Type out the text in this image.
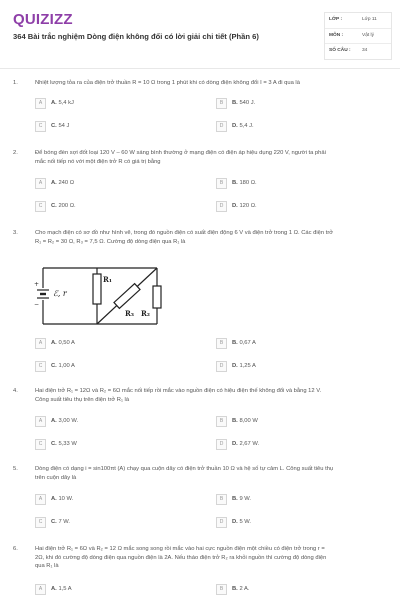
QUIZIZZ
364 Bài trắc nghiệm Dòng điện không đổi có lời giải chi tiết (Phần 6)
LỚP :	Lớp 11
MÔN :	Vật lý
SỐ CÂU : 34
1.	Nhiệt lượng tỏa ra của điện trở thuần R = 10 Ω trong 1 phút khi có dòng điện không đổi I = 3 A đi qua là
A	A. 5,4 kJ	B	B. 540 J.
C	C. 54 J	D	D. 5,4 J.
2.	Để bóng đèn sợi đốt loại 120 V – 60 W sáng bình thường ở mạng điện có điện áp hiệu dụng 220 V, người ta phải
mắc nối tiếp nó với một điện trở R có giá trị bằng
A	A. 240 Ω	B	B. 180 Ω.
C	C. 200 Ω.	D	D. 120 Ω.
3.	Cho mạch điện có sơ đồ như hình vẽ, trong đó nguồn điện có suất điện động 6 V và điện trở trong 1 Ω. Các điện trở
R₁ = R₂ = 30 Ω, R₃ = 7,5 Ω. Cường độ dòng điện qua R₁ là
+
−
ℰ, r
R₁
R₂
R₃
A	A. 0,50 A	B	B. 0,67 A
C	C. 1,00 A	D	D. 1,25 A
4.	Hai điện trở R₁ = 12Ω và R₂ = 6Ω mắc nối tiếp rồi mắc vào nguồn điện có hiệu điện thế không đổi và bằng 12 V.
Công suất tiêu thụ trên điện trở R₁ là
A	A. 3,00 W.	B	B. 8,00 W
C	C. 5,33 W	D	D. 2,67 W.
5.	Dòng điện có dạng i = sin100πt (A) chạy qua cuộn dây có điện trở thuần 10 Ω và hệ số tự cảm L. Công suất tiêu thụ
trên cuộn dây là
A	A. 10 W.	B	B. 9 W.
C	C. 7 W.	D	D. 5 W.
6.	Hai điện trở R₁ = 6Ω và R₂ = 12 Ω mắc song song rồi mắc vào hai cực nguồn điện một chiều có điện trở trong r =
2Ω, khi đó cường độ dòng điện qua nguồn điện là 2A. Nếu tháo điện trở R₂ ra khỏi nguồn thì cường độ dòng điện
qua R₁ là
A	A. 1,5 A	B	B. 2 A.
